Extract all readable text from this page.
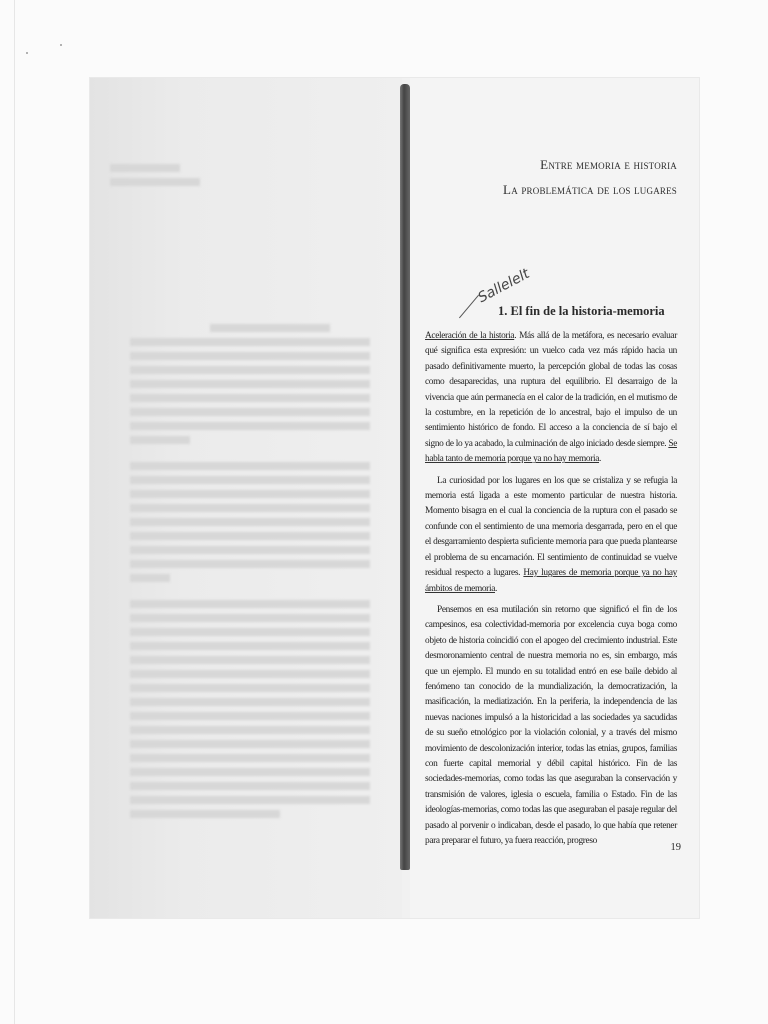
Entre memoria e historia
La problemática de los lugares
Sallelelt
1. El fin de la historia-memoria

Aceleración de la historia. Más allá de la metáfora, es necesario evaluar qué significa esta expresión: un vuelco cada vez más rápido hacia un pasado definitivamente muerto, la percepción global de todas las cosas como desaparecidas, una ruptura del equilibrio. El desarraigo de la vivencia que aún permanecía en el calor de la tradición, en el mutismo de la costumbre, en la repetición de lo ancestral, bajo el impulso de un sentimiento histórico de fondo. El acceso a la conciencia de sí bajo el signo de lo ya acabado, la culminación de algo iniciado desde siempre. Se habla tanto de memoria porque ya no hay memoria.

La curiosidad por los lugares en los que se cristaliza y se refugia la memoria está ligada a este momento particular de nuestra historia. Momento bisagra en el cual la conciencia de la ruptura con el pasado se confunde con el sentimiento de una memoria desgarrada, pero en el que el desgarramiento despierta suficiente memoria para que pueda plantearse el problema de su encarnación. El sentimiento de continuidad se vuelve residual respecto a lugares. Hay lugares de memoria porque ya no hay ámbitos de memoria.

Pensemos en esa mutilación sin retorno que significó el fin de los campesinos, esa colectividad-memoria por excelencia cuya boga como objeto de historia coincidió con el apogeo del crecimiento industrial. Este desmoronamiento central de nuestra memoria no es, sin embargo, más que un ejemplo. El mundo en su totalidad entró en ese baile debido al fenómeno tan conocido de la mundialización, la democratización, la masificación, la mediatización. En la periferia, la independencia de las nuevas naciones impulsó a la historicidad a las sociedades ya sacudidas de su sueño etnológico por la violación colonial, y a través del mismo movimiento de descolonización interior, todas las etnias, grupos, familias con fuerte capital memorial y débil capital histórico. Fin de las sociedades-memorias, como todas las que aseguraban la conservación y transmisión de valores, iglesia o escuela, familia o Estado. Fin de las ideologías-memorias, como todas las que aseguraban el pasaje regular del pasado al porvenir o indicaban, desde el pasado, lo que había que retener para preparar el futuro, ya fuera reacción, progreso

19
